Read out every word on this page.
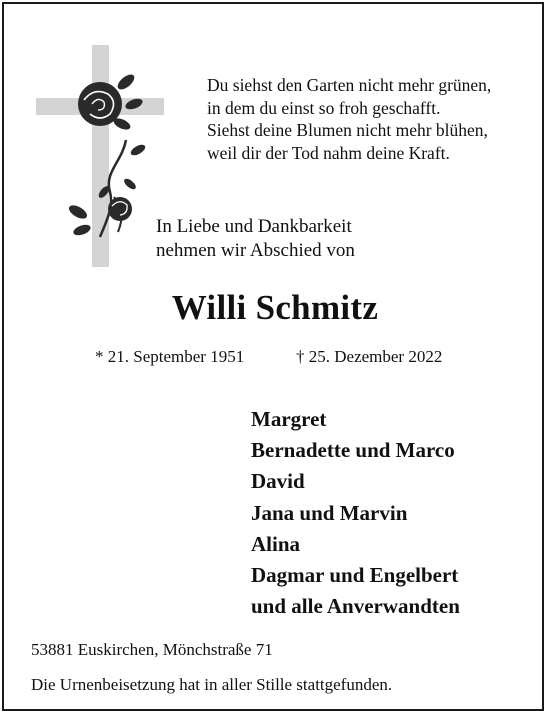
Du siehst den Garten nicht mehr grünen,
in dem du einst so froh geschafft.
Siehst deine Blumen nicht mehr blühen,
weil dir der Tod nahm deine Kraft.
In Liebe und Dankbarkeit
nehmen wir Abschied von
Willi Schmitz
* 21. September 1951	† 25. Dezember 2022
Margret
Bernadette und Marco
David
Jana und Marvin
Alina
Dagmar und Engelbert
und alle Anverwandten
53881 Euskirchen, Mönchstraße 71
Die Urnenbeisetzung hat in aller Stille stattgefunden.
